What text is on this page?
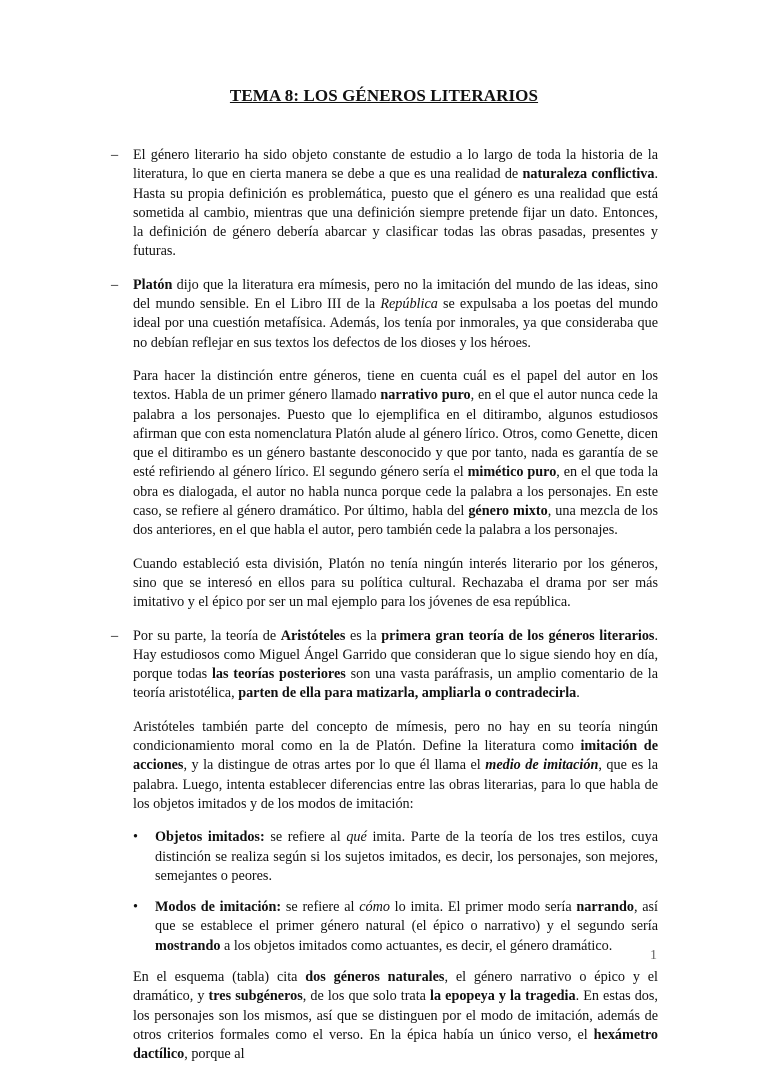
TEMA 8: LOS GÉNEROS LITERARIOS
– El género literario ha sido objeto constante de estudio a lo largo de toda la historia de la literatura, lo que en cierta manera se debe a que es una realidad de naturaleza conflictiva. Hasta su propia definición es problemática, puesto que el género es una realidad que está sometida al cambio, mientras que una definición siempre pretende fijar un dato. Entonces, la definición de género debería abarcar y clasificar todas las obras pasadas, presentes y futuras.

– Platón dijo que la literatura era mímesis, pero no la imitación del mundo de las ideas, sino del mundo sensible. En el Libro III de la República se expulsaba a los poetas del mundo ideal por una cuestión metafísica. Además, los tenía por inmorales, ya que consideraba que no debían reflejar en sus textos los defectos de los dioses y los héroes.

Para hacer la distinción entre géneros, tiene en cuenta cuál es el papel del autor en los textos. Habla de un primer género llamado narrativo puro, en el que el autor nunca cede la palabra a los personajes. Puesto que lo ejemplifica en el ditirambo, algunos estudiosos afirman que con esta nomenclatura Platón alude al género lírico. Otros, como Genette, dicen que el ditirambo es un género bastante desconocido y que por tanto, nada es garantía de se esté refiriendo al género lírico. El segundo género sería el mimético puro, en el que toda la obra es dialogada, el autor no habla nunca porque cede la palabra a los personajes. En este caso, se refiere al género dramático. Por último, habla del género mixto, una mezcla de los dos anteriores, en el que habla el autor, pero también cede la palabra a los personajes.

Cuando estableció esta división, Platón no tenía ningún interés literario por los géneros, sino que se interesó en ellos para su política cultural. Rechazaba el drama por ser más imitativo y el épico por ser un mal ejemplo para los jóvenes de esa república.

– Por su parte, la teoría de Aristóteles es la primera gran teoría de los géneros literarios. Hay estudiosos como Miguel Ángel Garrido que consideran que lo sigue siendo hoy en día, porque todas las teorías posteriores son una vasta paráfrasis, un amplio comentario de la teoría aristotélica, parten de ella para matizarla, ampliarla o contradecirla.

Aristóteles también parte del concepto de mímesis, pero no hay en su teoría ningún condicionamiento moral como en la de Platón. Define la literatura como imitación de acciones, y la distingue de otras artes por lo que él llama el medio de imitación, que es la palabra. Luego, intenta establecer diferencias entre las obras literarias, para lo que habla de los objetos imitados y de los modos de imitación:

• Objetos imitados: se refiere al qué imita. Parte de la teoría de los tres estilos, cuya distinción se realiza según si los sujetos imitados, es decir, los personajes, son mejores, semejantes o peores.
• Modos de imitación: se refiere al cómo lo imita. El primer modo sería narrando, así que se establece el primer género natural (el épico o narrativo) y el segundo sería mostrando a los objetos imitados como actuantes, es decir, el género dramático.

En el esquema (tabla) cita dos géneros naturales, el género narrativo o épico y el dramático, y tres subgéneros, de los que solo trata la epopeya y la tragedia. En estas dos, los personajes son los mismos, así que se distinguen por el modo de imitación, además de otros criterios formales como el verso. En la épica había un único verso, el hexámetro dactílico, porque al

1
